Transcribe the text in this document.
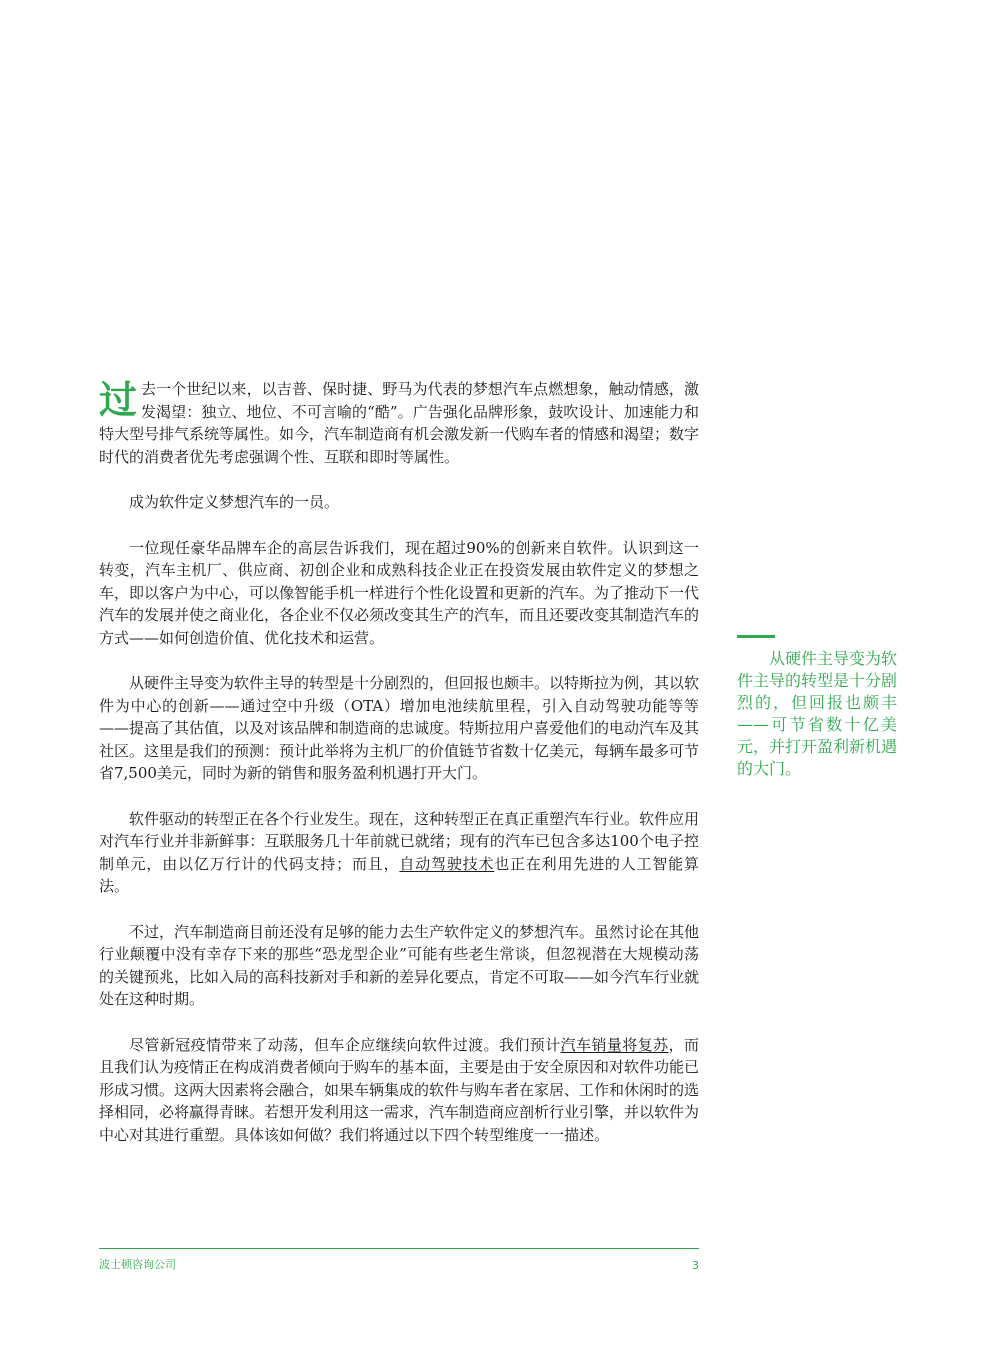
过去一个世纪以来，以吉普、保时捷、野马为代表的梦想汽车点燃想象，触动情感，激发渴望：独立、地位、不可言喻的“酷”。广告强化品牌形象，鼓吹设计、加速能力和特大型号排气系统等属性。如今，汽车制造商有机会激发新一代购车者的情感和渴望；数字时代的消费者优先考虑强调个性、互联和即时等属性。

成为软件定义梦想汽车的一员。

一位现任豪华品牌车企的高层告诉我们，现在超过90%的创新来自软件。认识到这一转变，汽车主机厂、供应商、初创企业和成熟科技企业正在投资发展由软件定义的梦想之车，即以客户为中心，可以像智能手机一样进行个性化设置和更新的汽车。为了推动下一代汽车的发展并使之商业化，各企业不仅必须改变其生产的汽车，而且还要改变其制造汽车的方式——如何创造价值、优化技术和运营。

从硬件主导变为软件主导的转型是十分剧烈的，但回报也颇丰。以特斯拉为例，其以软件为中心的创新——通过空中升级（OTA）增加电池续航里程，引入自动驾驶功能等等——提高了其估值，以及对该品牌和制造商的忠诚度。特斯拉用户喜爱他们的电动汽车及其社区。这里是我们的预测：预计此举将为主机厂的价值链节省数十亿美元，每辆车最多可节省7,500美元，同时为新的销售和服务盈利机遇打开大门。

软件驱动的转型正在各个行业发生。现在，这种转型正在真正重塑汽车行业。软件应用对汽车行业并非新鲜事：互联服务几十年前就已就绪；现有的汽车已包含多达100个电子控制单元，由以亿万行计的代码支持；而且，自动驾驶技术也正在利用先进的人工智能算法。

不过，汽车制造商目前还没有足够的能力去生产软件定义的梦想汽车。虽然讨论在其他行业颠覆中没有幸存下来的那些“恐龙型企业”可能有些老生常谈，但忽视潜在大规模动荡的关键预兆，比如入局的高科技新对手和新的差异化要点，肯定不可取——如今汽车行业就处在这种时期。

尽管新冠疫情带来了动荡，但车企应继续向软件过渡。我们预计汽车销量将复苏，而且我们认为疫情正在构成消费者倾向于购车的基本面，主要是由于安全原因和对软件功能已形成习惯。这两大因素将会融合，如果车辆集成的软件与购车者在家居、工作和休闲时的选择相同，必将赢得青睐。若想开发利用这一需求，汽车制造商应剖析行业引擎，并以软件为中心对其进行重塑。具体该如何做？我们将通过以下四个转型维度一一描述。

从硬件主导变为软件主导的转型是十分剧烈的，但回报也颇丰——可节省数十亿美元，并打开盈利新机遇的大门。

波士顿咨询公司	3
